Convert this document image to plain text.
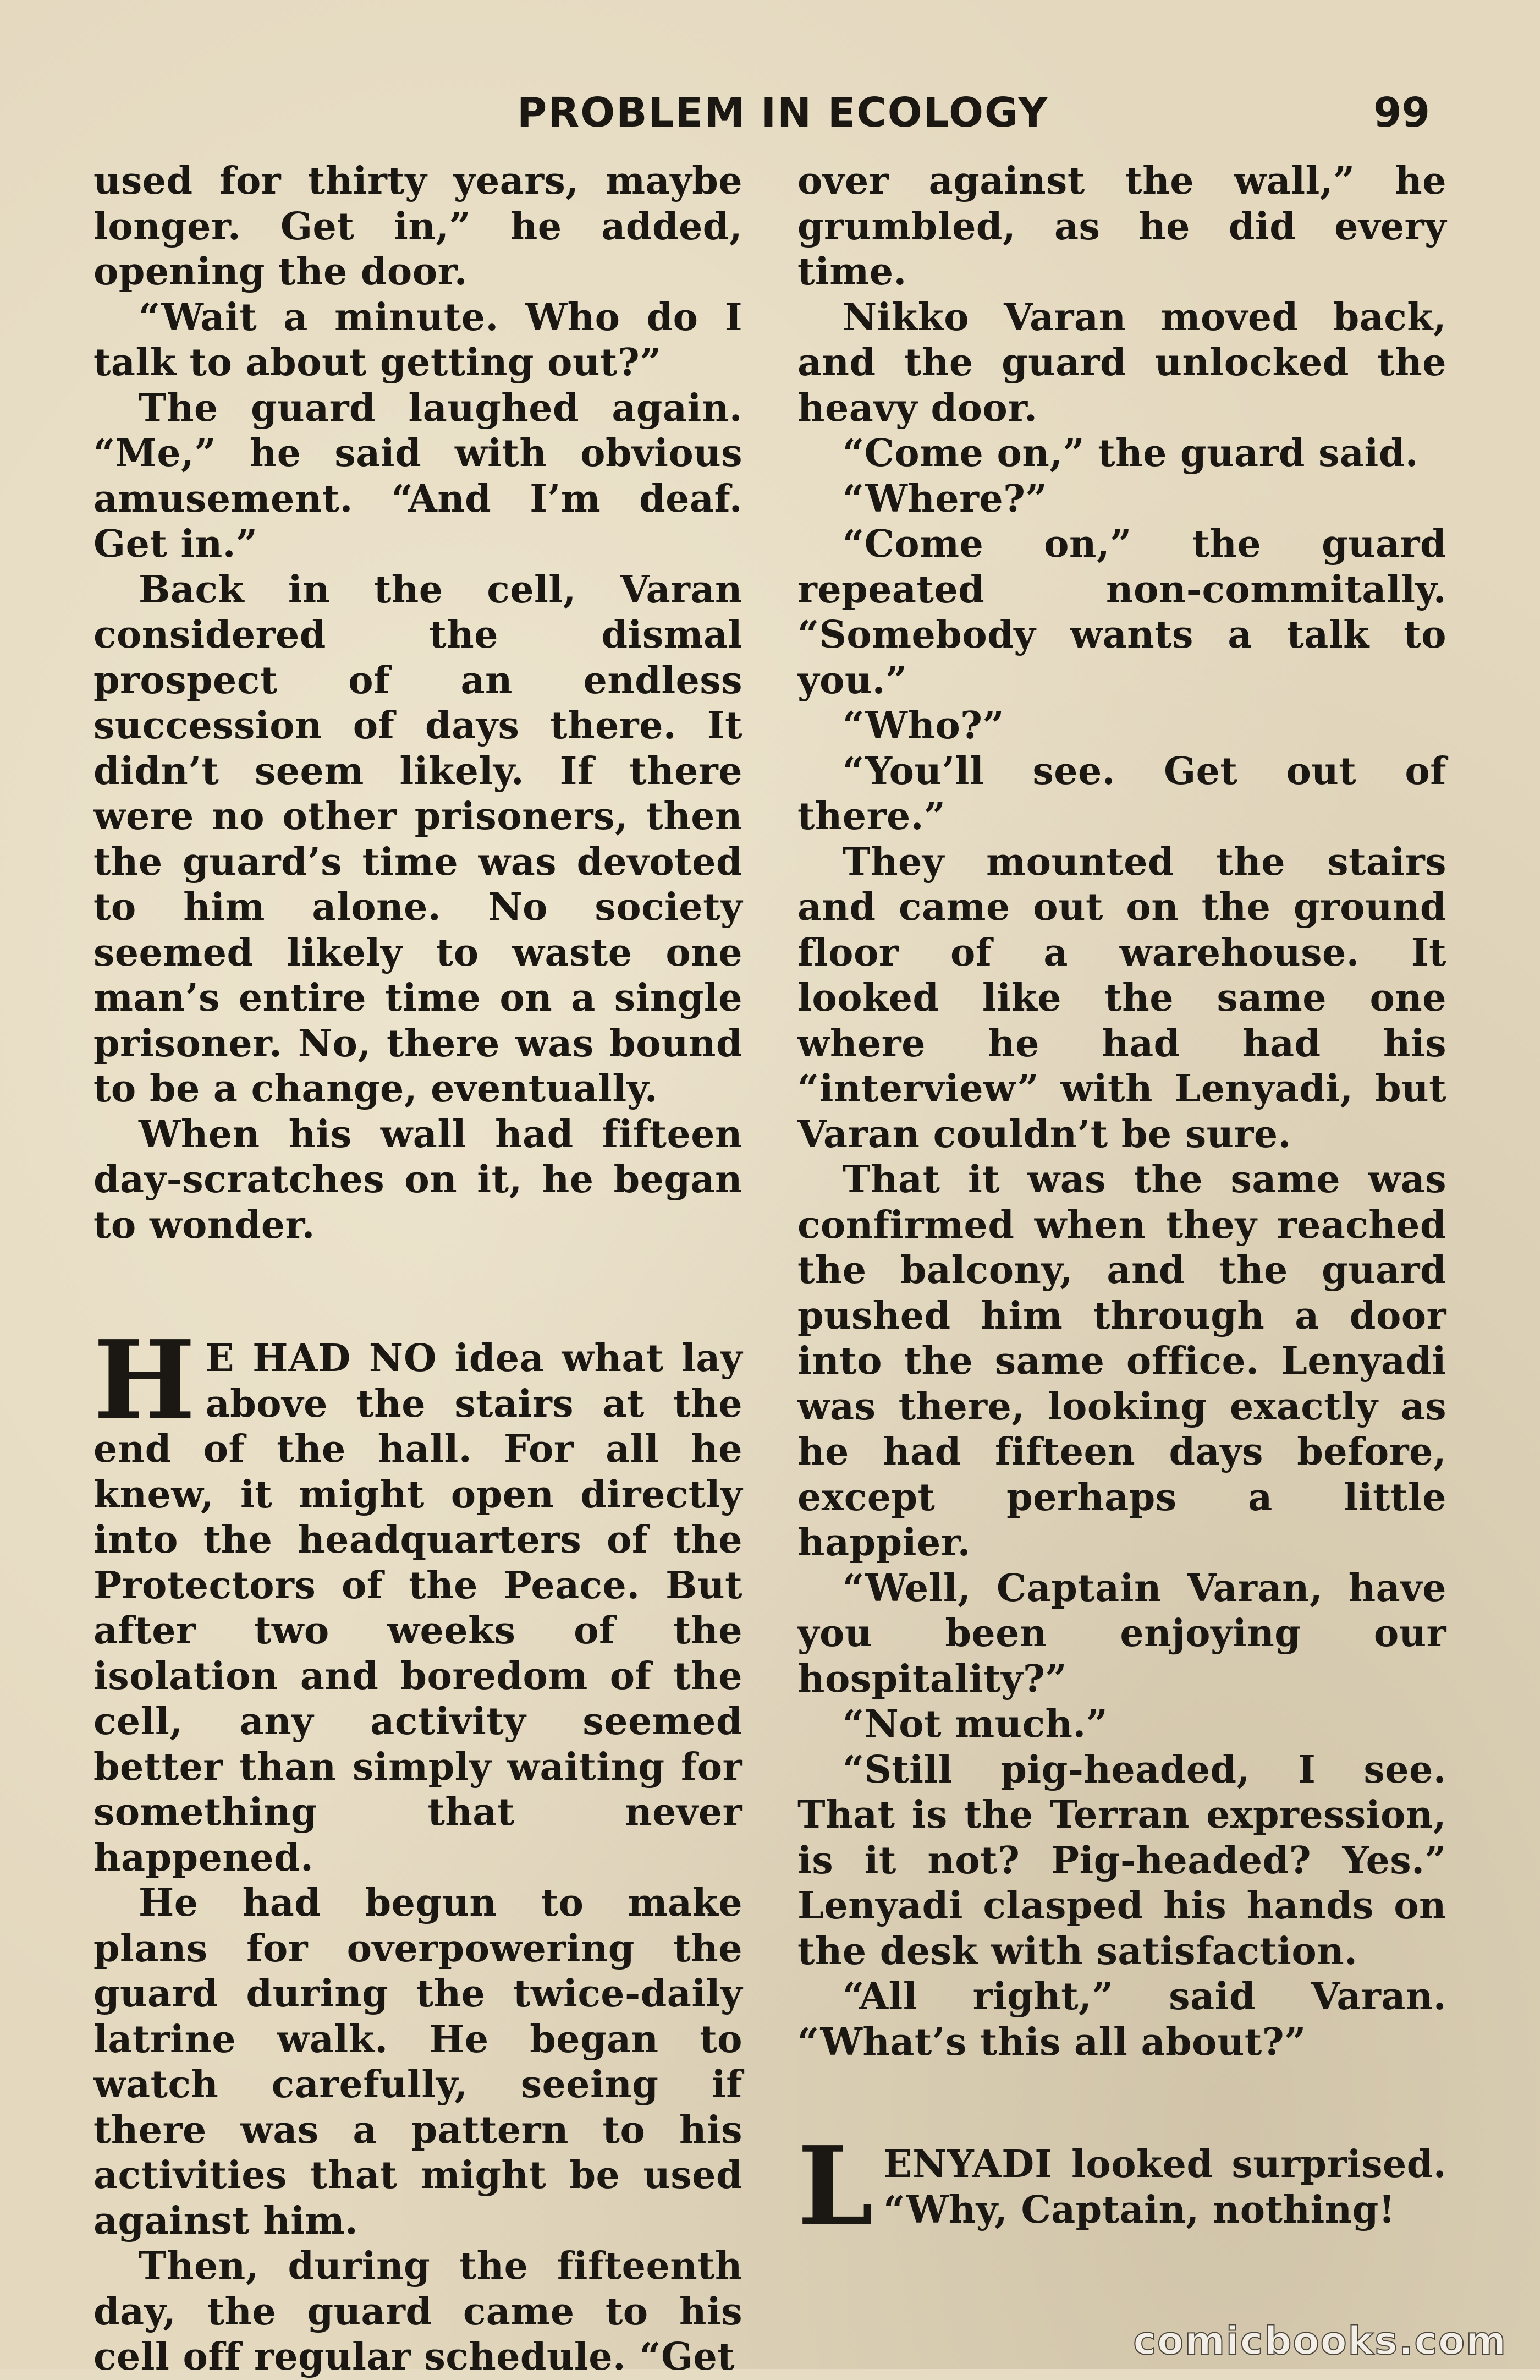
PROBLEM IN ECOLOGY	99

used for thirty years, maybe longer. Get in,” he added, opening the door.

“Wait a minute. Who do I talk to about getting out?”

The guard laughed again. “Me,” he said with obvious amusement. “And I’m deaf. Get in.”

Back in the cell, Varan considered the dismal prospect of an endless succession of days there. It didn’t seem likely. If there were no other prisoners, then the guard’s time was devoted to him alone. No society seemed likely to waste one man’s entire time on a single prisoner. No, there was bound to be a change, eventually.

When his wall had fifteen day-scratches on it, he began to wonder.

H E HAD NO idea what lay above the stairs at the end of the hall. For all he knew, it might open directly into the headquarters of the Protectors of the Peace. But after two weeks of the isolation and boredom of the cell, any activity seemed better than simply waiting for something that never happened.

He had begun to make plans for overpowering the guard during the twice-daily latrine walk. He began to watch carefully, seeing if there was a pattern to his activities that might be used against him.

Then, during the fifteenth day, the guard came to his cell off regular schedule. “Get

over against the wall,” he grumbled, as he did every time.

Nikko Varan moved back, and the guard unlocked the heavy door.

“Come on,” the guard said.

“Where?”

“Come on,” the guard repeated non-commitally. “Somebody wants a talk to you.”

“Who?”

“You’ll see. Get out of there.”

They mounted the stairs and came out on the ground floor of a warehouse. It looked like the same one where he had had his “interview” with Lenyadi, but Varan couldn’t be sure.

That it was the same was confirmed when they reached the balcony, and the guard pushed him through a door into the same office. Lenyadi was there, looking exactly as he had fifteen days before, except perhaps a little happier.

“Well, Captain Varan, have you been enjoying our hospitality?”

“Not much.”

“Still pig-headed, I see. That is the Terran expression, is it not? Pig-headed? Yes.” Lenyadi clasped his hands on the desk with satisfaction.

“All right,” said Varan. “What’s this all about?”

LENYADI looked surprised. “Why, Captain, nothing!

comicbooks.com
